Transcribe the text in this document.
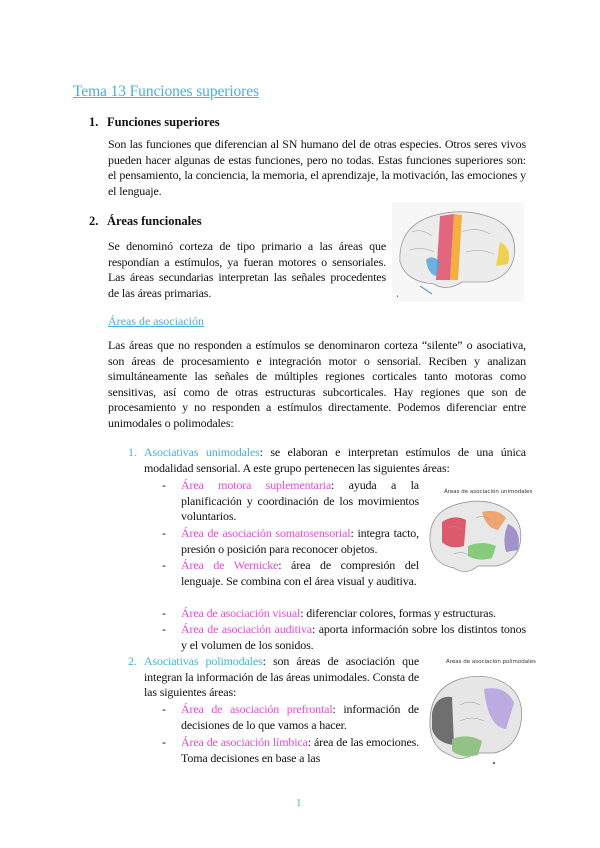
Tema 13 Funciones superiores
1. Funciones superiores
Son las funciones que diferencian al SN humano del de otras especies. Otros seres vivos pueden hacer algunas de estas funciones, pero no todas. Estas funciones superiores son: el pensamiento, la conciencia, la memoria, el aprendizaje, la motivación, las emociones y el lenguaje.
2. Áreas funcionales
Se denominó corteza de tipo primario a las áreas que respondían a estímulos, ya fueran motores o sensoriales. Las áreas secundarias interpretan las señales procedentes de las áreas primarias.	•
Áreas de asociación
Las áreas que no responden a estímulos se denominaron corteza “silente” o asociativa, son áreas de procesamiento e integración motor o sensorial. Reciben y analizan simultáneamente las señales de múltiples regiones corticales tanto motoras como sensitivas, así como de otras estructuras subcorticales. Hay regiones que son de procesamiento y no responden a estímulos directamente. Podemos diferenciar entre unimodales o polimodales:
1. Asociativas unimodales: se elaboran e interpretan estímulos de una única modalidad sensorial. A este grupo pertenecen las siguientes áreas:
- Área motora suplementaria: ayuda a la planificación y coordinación de los movimientos voluntarios.
- Área de asociación somatosensorial: integra tacto, presión o posición para reconocer objetos.
- Área de Wernicke: área de compresión del lenguaje. Se combina con el área visual y auditiva.
- Área de asociación visual: diferenciar colores, formas y estructuras.
- Área de asociación auditiva: aporta información sobre los distintos tonos y el volumen de los sonidos.
Áreas de asociación unimodales
2. Asociativas polimodales: son áreas de asociación que integran la información de las áreas unimodales. Consta de las siguientes áreas:
- Área de asociación prefrontal: información de decisiones de lo que vamos a hacer.
- Área de asociación límbica: área de las emociones. Toma decisiones en base a las
Áreas de asociación polimodales
1
